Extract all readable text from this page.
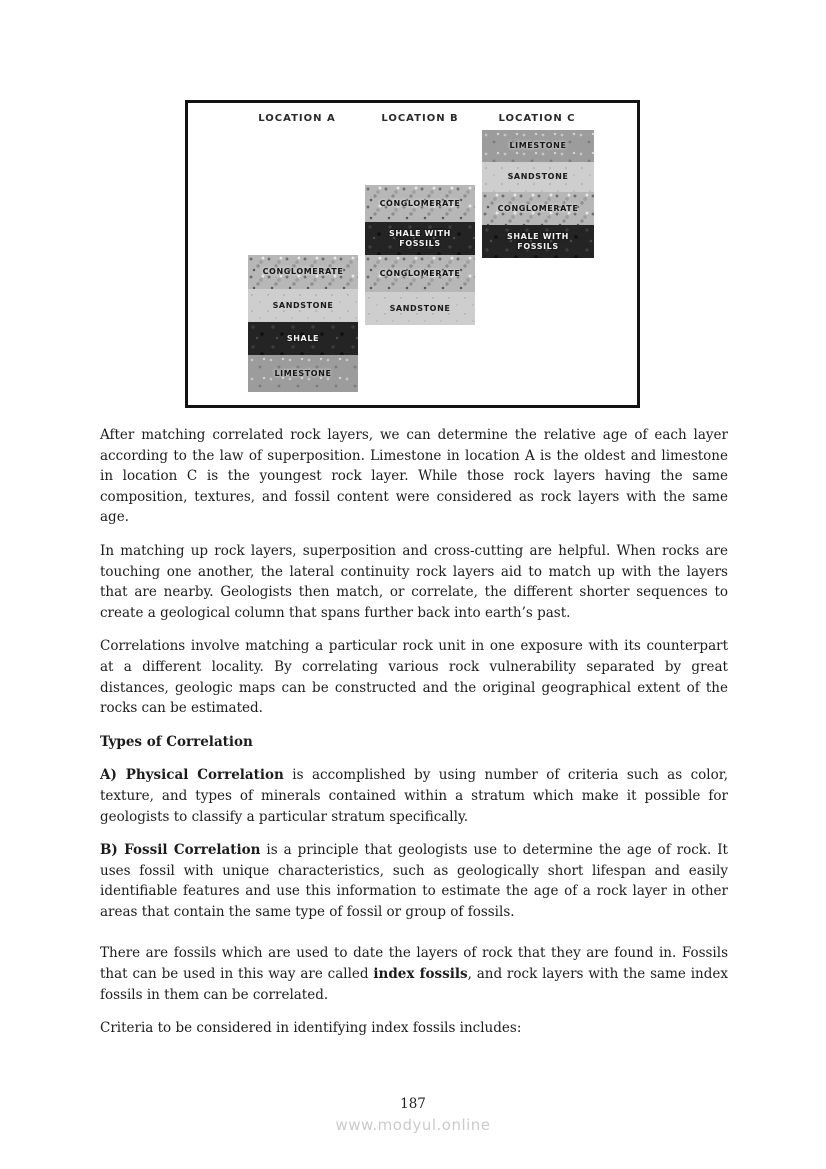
LOCATION A	LOCATION B	LOCATION C
CONGLOMERATE
SANDSTONE
SHALE
LIMESTONE
CONGLOMERATE
SHALE WITH FOSSILS
CONGLOMERATE
SANDSTONE
LIMESTONE
SANDSTONE
CONGLOMERATE
SHALE WITH FOSSILS

After matching correlated rock layers, we can determine the relative age of each layer according to the law of superposition. Limestone in location A is the oldest and limestone in location C is the youngest rock layer. While those rock layers having the same composition, textures, and fossil content were considered as rock layers with the same age.

In matching up rock layers, superposition and cross-cutting are helpful. When rocks are touching one another, the lateral continuity rock layers aid to match up with the layers that are nearby. Geologists then match, or correlate, the different shorter sequences to create a geological column that spans further back into earth’s past.

Correlations involve matching a particular rock unit in one exposure with its counterpart at a different locality. By correlating various rock vulnerability separated by great distances, geologic maps can be constructed and the original geographical extent of the rocks can be estimated.

Types of Correlation

A) Physical Correlation is accomplished by using number of criteria such as color, texture, and types of minerals contained within a stratum which make it possible for geologists to classify a particular stratum specifically.

B) Fossil Correlation is a principle that geologists use to determine the age of rock. It uses fossil with unique characteristics, such as geologically short lifespan and easily identifiable features and use this information to estimate the age of a rock layer in other areas that contain the same type of fossil or group of fossils.

There are fossils which are used to date the layers of rock that they are found in. Fossils that can be used in this way are called index fossils, and rock layers with the same index fossils in them can be correlated.

Criteria to be considered in identifying index fossils includes:

187
www.modyul.online
